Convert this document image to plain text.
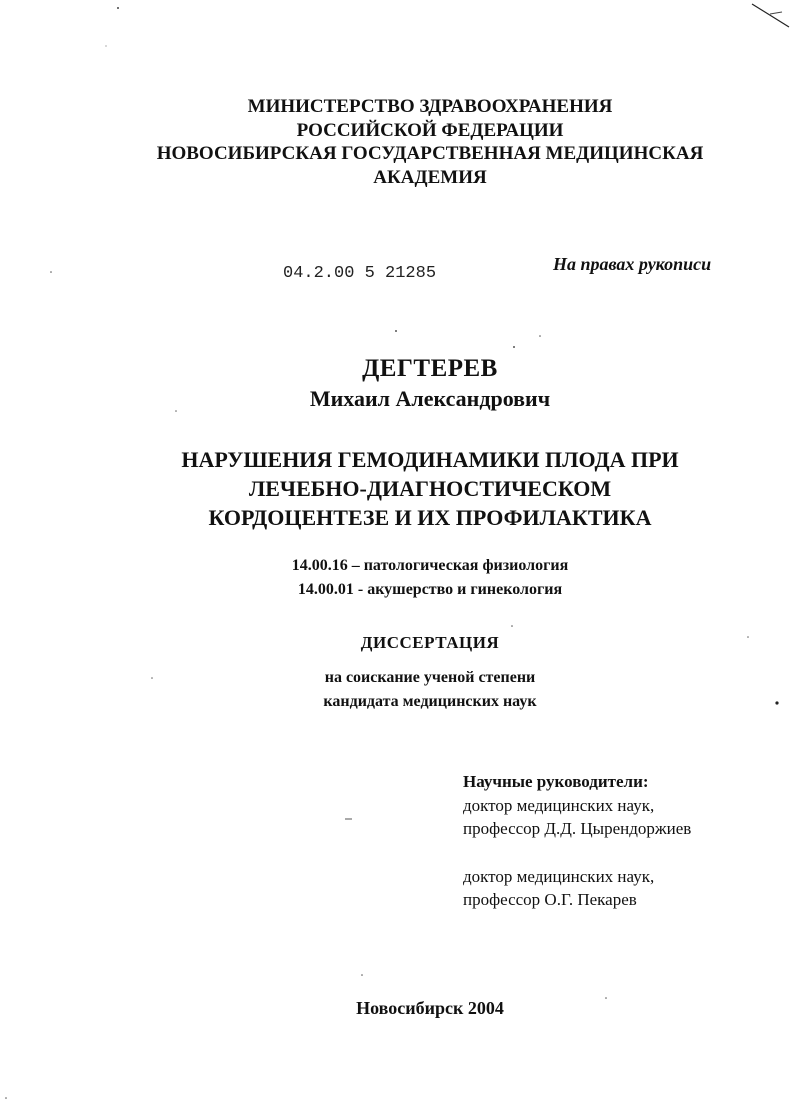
МИНИСТЕРСТВО ЗДРАВООХРАНЕНИЯ
РОССИЙСКОЙ ФЕДЕРАЦИИ
НОВОСИБИРСКАЯ ГОСУДАРСТВЕННАЯ МЕДИЦИНСКАЯ
АКАДЕМИЯ
04.2.00 5 21285	На правах рукописи
ДЕГТЕРЕВ
Михаил Александрович
НАРУШЕНИЯ ГЕМОДИНАМИКИ ПЛОДА ПРИ
ЛЕЧЕБНО-ДИАГНОСТИЧЕСКОМ
КОРДОЦЕНТЕЗЕ И ИХ ПРОФИЛАКТИКА
14.00.16 – патологическая физиология
14.00.01 - акушерство и гинекология
ДИССЕРТАЦИЯ
на соискание ученой степени
кандидата медицинских наук
Научные руководители:
доктор медицинских наук,
профессор Д.Д. Цырендоржиев
доктор медицинских наук,
профессор О.Г. Пекарев
Новосибирск 2004
